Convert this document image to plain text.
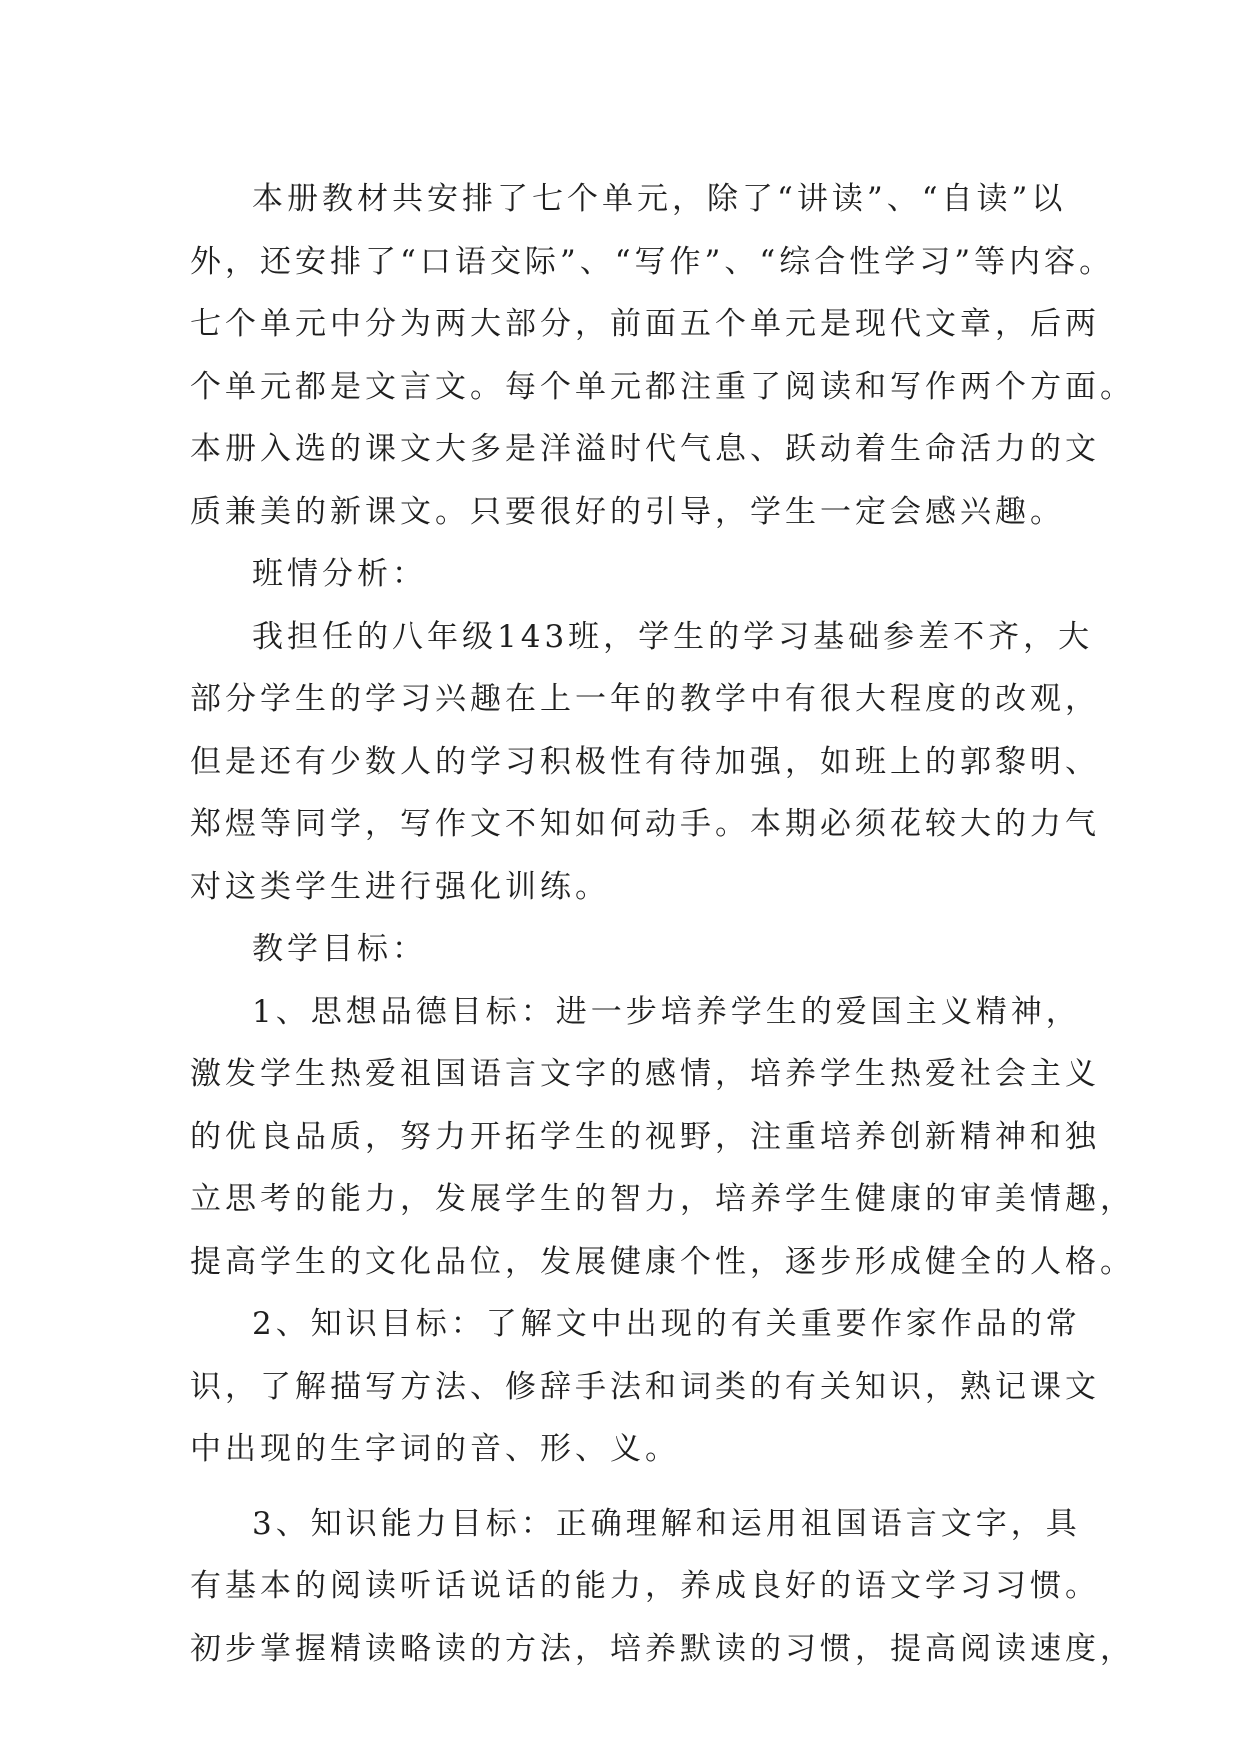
本册教材共安排了七个单元，除了“讲读”、“自读”以
外，还安排了“口语交际”、“写作”、“综合性学习”等内容。
七个单元中分为两大部分，前面五个单元是现代文章，后两
个单元都是文言文。每个单元都注重了阅读和写作两个方面。
本册入选的课文大多是洋溢时代气息、跃动着生命活力的文
质兼美的新课文。只要很好的引导，学生一定会感兴趣。
班情分析：
我担任的八年级143班，学生的学习基础参差不齐，大
部分学生的学习兴趣在上一年的教学中有很大程度的改观，
但是还有少数人的学习积极性有待加强，如班上的郭黎明、
郑煜等同学，写作文不知如何动手。本期必须花较大的力气
对这类学生进行强化训练。
教学目标：
1、思想品德目标：进一步培养学生的爱国主义精神，
激发学生热爱祖国语言文字的感情，培养学生热爱社会主义
的优良品质，努力开拓学生的视野，注重培养创新精神和独
立思考的能力，发展学生的智力，培养学生健康的审美情趣，
提高学生的文化品位，发展健康个性，逐步形成健全的人格。
2、知识目标：了解文中出现的有关重要作家作品的常
识，了解描写方法、修辞手法和词类的有关知识，熟记课文
中出现的生字词的音、形、义。
3、知识能力目标：正确理解和运用祖国语言文字，具
有基本的阅读听话说话的能力，养成良好的语文学习习惯。
初步掌握精读略读的方法，培养默读的习惯，提高阅读速度，
